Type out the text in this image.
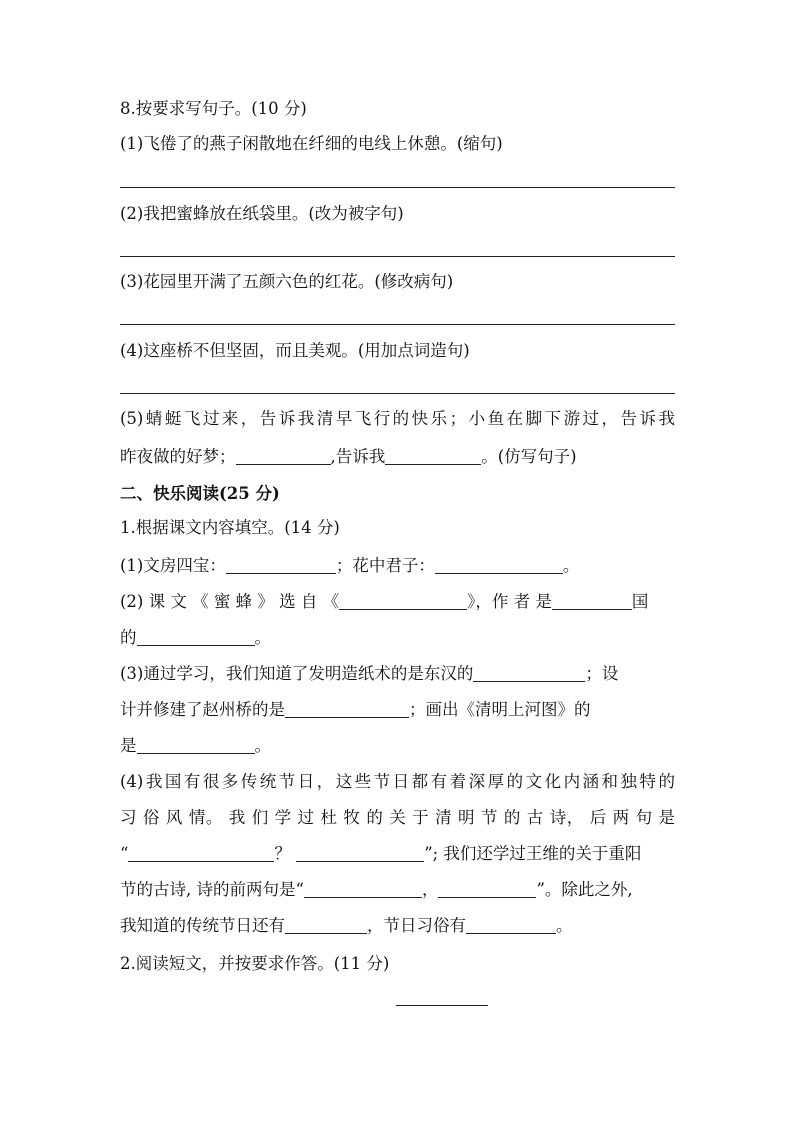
8.按要求写句子。(10 分)
(1)飞倦了的燕子闲散地在纤细的电线上休憩。(缩句)
(2)我把蜜蜂放在纸袋里。(改为被字句)
(3)花园里开满了五颜六色的红花。(修改病句)
(4)这座桥不但坚固，而且美观。(用加点词造句)
(5)蜻蜓飞过来，告诉我清早飞行的快乐；小鱼在脚下游过，告诉我
昨夜做的好梦；	,告诉我	。(仿写句子)
二、快乐阅读(25 分)
1.根据课文内容填空。(14 分)
(1)文房四宝：	；花中君子：	。
(2) 课 文 《 蜜 蜂 》 选 自 《	》，作 者 是	国
的	。
(3)通过学习，我们知道了发明造纸术的是东汉的	；设
计并修建了赵州桥的是	；画出《清明上河图》的
是	。
(4)我国有很多传统节日，这些节日都有着深厚的文化内涵和独特的
习 俗 风 情。 我 们 学 过 杜 牧 的 关 于 清 明 节 的 古 诗， 后 两 句 是
“	？	”; 我们还学过王维的关于重阳
节的古诗, 诗的前两句是“	，	”。除此之外,
我知道的传统节日还有	，节日习俗有	。
2.阅读短文，并按要求作答。(11 分)
